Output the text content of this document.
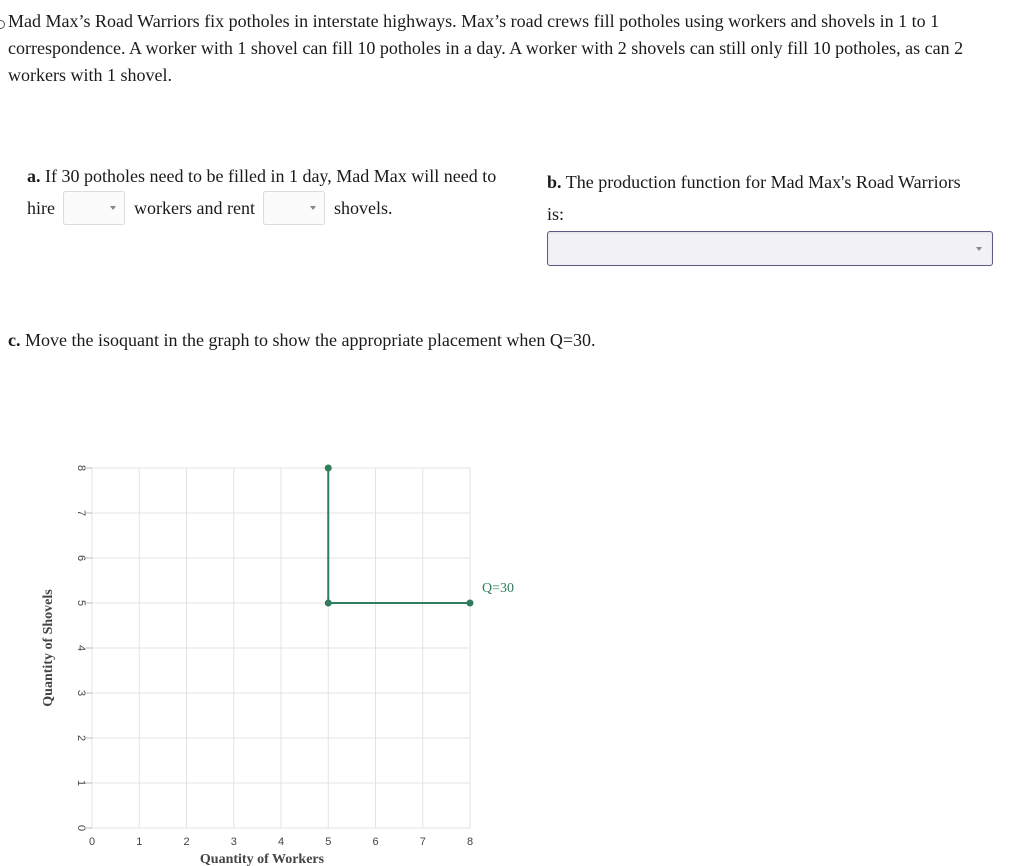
Mad Max’s Road Warriors fix potholes in interstate highways. Max’s road crews fill potholes using workers and shovels in 1 to 1 correspondence. A worker with 1 shovel can fill 10 potholes in a day. A worker with 2 shovels can still only fill 10 potholes, as can 2 workers with 1 shovel.

a. If 30 potholes need to be filled in 1 day, Mad Max will need to hire	workers and rent	shovels.
b. The production function for Mad Max's Road Warriors is:
c. Move the isoquant in the graph to show the appropriate placement when Q=30.
0	1	2	3	4	5	6	7	8
0
1
2
3
4
5
6
7
8
Quantity of Workers
Quantity of Shovels
Q=30
